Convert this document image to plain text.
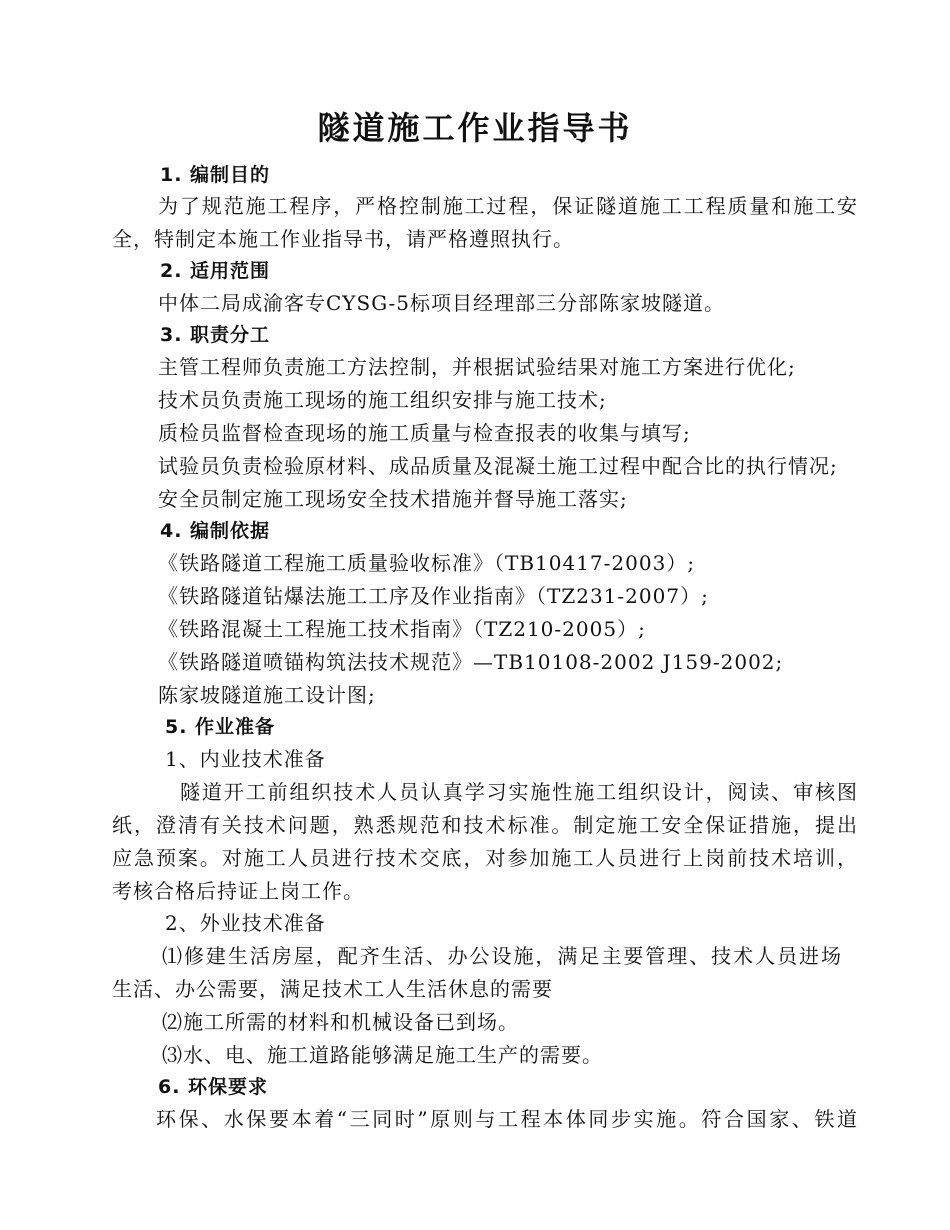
隧道施工作业指导书
1. 编制目的
为了规范施工程序，严格控制施工过程，保证隧道施工工程质量和施工安
全，特制定本施工作业指导书，请严格遵照执行。
2. 适用范围
中体二局成渝客专CYSG-5标项目经理部三分部陈家坡隧道。
3. 职责分工
主管工程师负责施工方法控制，并根据试验结果对施工方案进行优化;
技术员负责施工现场的施工组织安排与施工技术;
质检员监督检查现场的施工质量与检查报表的收集与填写;
试验员负责检验原材料、成品质量及混凝土施工过程中配合比的执行情况;
安全员制定施工现场安全技术措施并督导施工落实;
4. 编制依据
《铁路隧道工程施工质量验收标准》（TB10417-2003）;
《铁路隧道钻爆法施工工序及作业指南》（TZ231-2007）;
《铁路混凝土工程施工技术指南》（TZ210-2005）;
《铁路隧道喷锚构筑法技术规范》—TB10108-2002 J159-2002;
陈家坡隧道施工设计图;
5. 作业准备
1、内业技术准备
隧道开工前组织技术人员认真学习实施性施工组织设计，阅读、审核图
纸，澄清有关技术问题，熟悉规范和技术标准。制定施工安全保证措施，提出
应急预案。对施工人员进行技术交底，对参加施工人员进行上岗前技术培训，
考核合格后持证上岗工作。
2、外业技术准备
⑴修建生活房屋，配齐生活、办公设施，满足主要管理、技术人员进场
生活、办公需要，满足技术工人生活休息的需要
⑵施工所需的材料和机械设备已到场。
⑶水、电、施工道路能够满足施工生产的需要。
6. 环保要求
环保、水保要本着“三同时”原则与工程本体同步实施。符合国家、铁道
